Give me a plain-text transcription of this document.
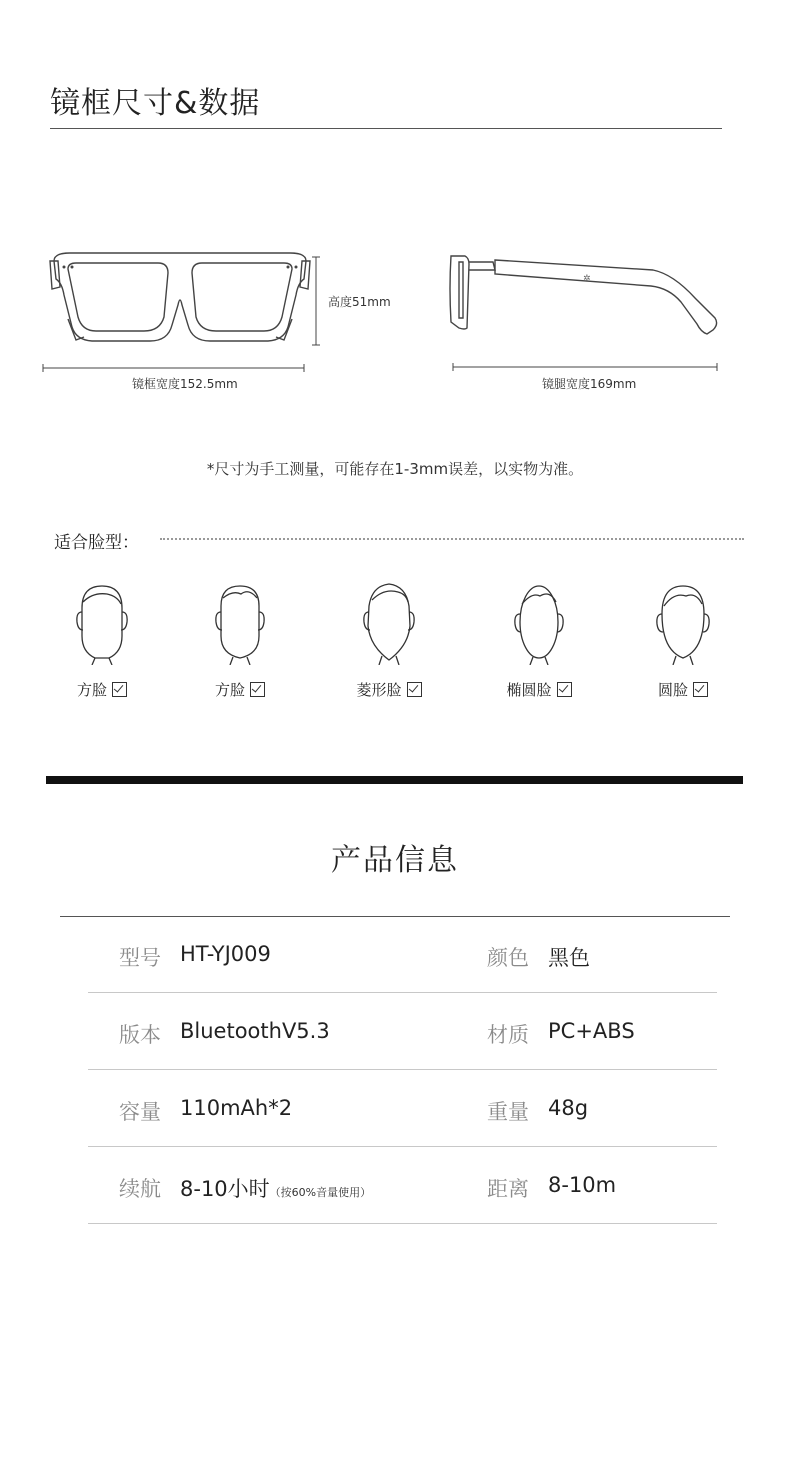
镜框尺寸&数据
✲
镜框宽度152.5mm
高度51mm
镜腿宽度169mm
*尺寸为手工测量，可能存在1-3mm误差，以实物为准。
适合脸型：
方脸	方脸	菱形脸	椭圆脸	圆脸
产品信息
型号 HT-YJ009	颜色 黑色
版本 BluetoothV5.3	材质 PC+ABS
容量 110mAh*2	重量 48g
续航 8-10小时（按60%音量使用）	距离 8-10m
